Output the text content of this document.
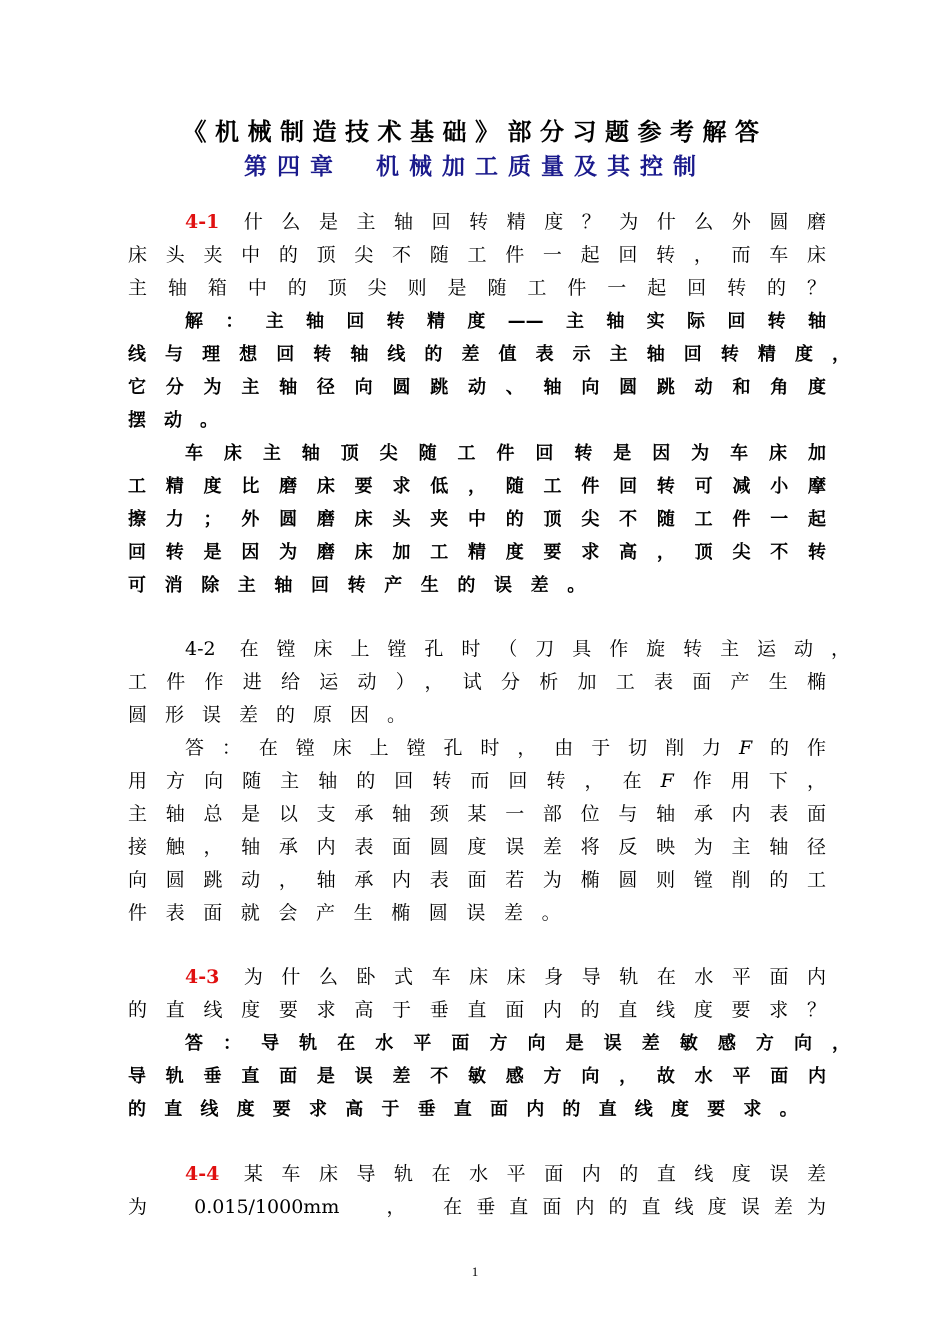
《机械制造技术基础》部分习题参考解答
第四章　机械加工质量及其控制
4-1 什么是主轴回转精度？为什么外圆磨
床头夹中的顶尖不随工件一起回转，而车床
主轴箱中的顶尖则是随工件一起回转的？
解：主轴回转精度——主轴实际回转轴
线与理想回转轴线的差值表示主轴回转精度，
它分为主轴径向圆跳动、轴向圆跳动和角度
摆动。
车床主轴顶尖随工件回转是因为车床加
工精度比磨床要求低，随工件回转可减小摩
擦力；外圆磨床头夹中的顶尖不随工件一起
回转是因为磨床加工精度要求高，顶尖不转
可消除主轴回转产生的误差。
4-2 在镗床上镗孔时（刀具作旋转主运动，
工件作进给运动），试分析加工表面产生椭
圆形误差的原因。
答：在镗床上镗孔时，由于切削力F的作
用方向随主轴的回转而回转，在F作用下，
主轴总是以支承轴颈某一部位与轴承内表面
接触，轴承内表面圆度误差将反映为主轴径
向圆跳动，轴承内表面若为椭圆则镗削的工
件表面就会产生椭圆误差。
4-3 为什么卧式车床床身导轨在水平面内
的直线度要求高于垂直面内的直线度要求？
答：导轨在水平面方向是误差敏感方向，
导轨垂直面是误差不敏感方向，故水平面内
的直线度要求高于垂直面内的直线度要求。
4-4 某车床导轨在水平面内的直线度误差
为　0.015/1000mm　，　在垂直面内的直线度误差为
1
